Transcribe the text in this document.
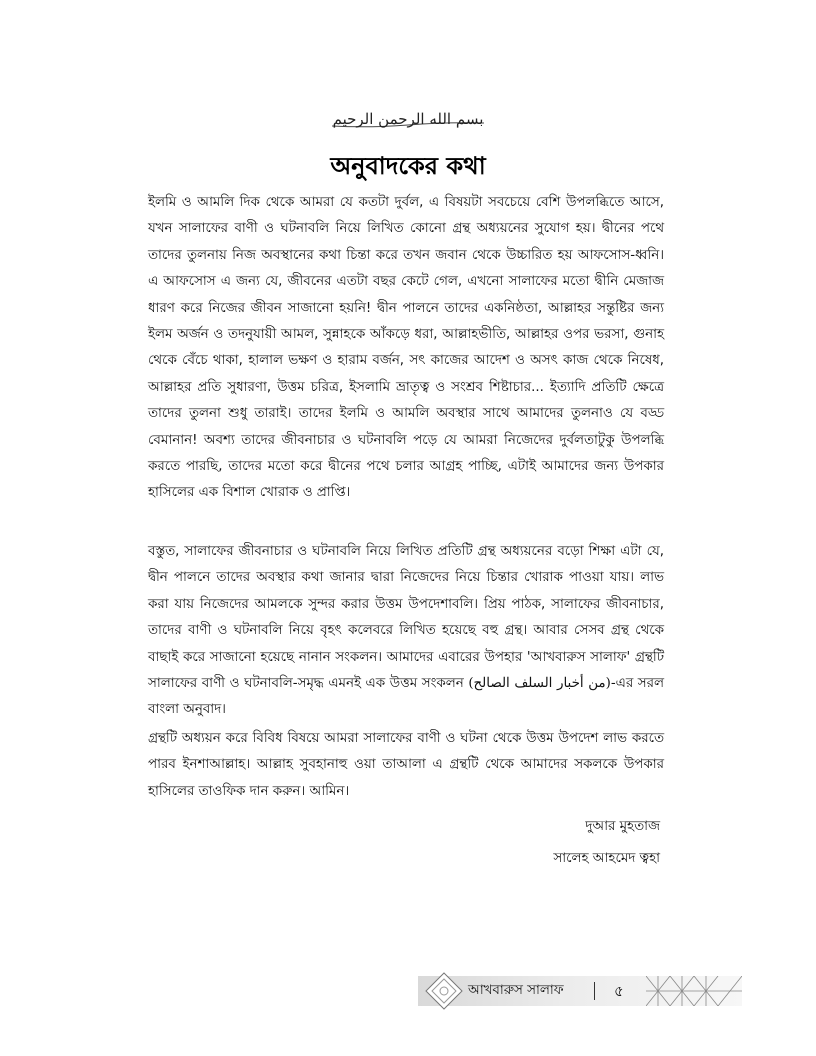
بسم الله الرحمن الرحيم
অনুবাদকের কথা

ইলমি ও আমলি দিক থেকে আমরা যে কতটা দুর্বল, এ বিষয়টা সবচেয়ে বেশি উপলব্ধিতে আসে, যখন সালাফের বাণী ও ঘটনাবলি নিয়ে লিখিত কোনো গ্রন্থ অধ্যয়নের সুযোগ হয়। দ্বীনের পথে তাদের তুলনায় নিজ অবস্থানের কথা চিন্তা করে তখন জবান থেকে উচ্চারিত হয় আফসোস-ধ্বনি। এ আফসোস এ জন্য যে, জীবনের এতটা বছর কেটে গেল, এখনো সালাফের মতো দ্বীনি মেজাজ ধারণ করে নিজের জীবন সাজানো হয়নি! দ্বীন পালনে তাদের একনিষ্ঠতা, আল্লাহর সন্তুষ্টির জন্য ইলম অর্জন ও তদনুযায়ী আমল, সুন্নাহকে আঁকড়ে ধরা, আল্লাহভীতি, আল্লাহর ওপর ভরসা, গুনাহ থেকে বেঁচে থাকা, হালাল ভক্ষণ ও হারাম বর্জন, সৎ কাজের আদেশ ও অসৎ কাজ থেকে নিষেধ, আল্লাহর প্রতি সুধারণা, উত্তম চরিত্র, ইসলামি ভ্রাতৃত্ব ও সংশ্রব শিষ্টাচার... ইত্যাদি প্রতিটি ক্ষেত্রে তাদের তুলনা শুধু তারাই। তাদের ইলমি ও আমলি অবস্থার সাথে আমাদের তুলনাও যে বড্ড বেমানান! অবশ্য তাদের জীবনাচার ও ঘটনাবলি পড়ে যে আমরা নিজেদের দুর্বলতাটুকু উপলব্ধি করতে পারছি, তাদের মতো করে দ্বীনের পথে চলার আগ্রহ পাচ্ছি, এটাই আমাদের জন্য উপকার হাসিলের এক বিশাল খোরাক ও প্রাপ্তি।

বস্তুত, সালাফের জীবনাচার ও ঘটনাবলি নিয়ে লিখিত প্রতিটি গ্রন্থ অধ্যয়নের বড়ো শিক্ষা এটা যে, দ্বীন পালনে তাদের অবস্থার কথা জানার দ্বারা নিজেদের নিয়ে চিন্তার খোরাক পাওয়া যায়। লাভ করা যায় নিজেদের আমলকে সুন্দর করার উত্তম উপদেশাবলি। প্রিয় পাঠক, সালাফের জীবনাচার, তাদের বাণী ও ঘটনাবলি নিয়ে বৃহৎ কলেবরে লিখিত হয়েছে বহু গ্রন্থ। আবার সেসব গ্রন্থ থেকে বাছাই করে সাজানো হয়েছে নানান সংকলন। আমাদের এবারের উপহার 'আখবারুস সালাফ' গ্রন্থটি সালাফের বাণী ও ঘটনাবলি-সমৃদ্ধ এমনই এক উত্তম সংকলন (من أخبار السلف الصالح)-এর সরল বাংলা অনুবাদ।

গ্রন্থটি অধ্যয়ন করে বিবিধ বিষয়ে আমরা সালাফের বাণী ও ঘটনা থেকে উত্তম উপদেশ লাভ করতে পারব ইনশাআল্লাহ। আল্লাহ সুবহানাহু ওয়া তাআলা এ গ্রন্থটি থেকে আমাদের সকলকে উপকার হাসিলের তাওফিক দান করুন। আমিন।

দুআর মুহতাজ
সালেহ আহমেদ ত্বহা
আখবারুস সালাফ	৫
